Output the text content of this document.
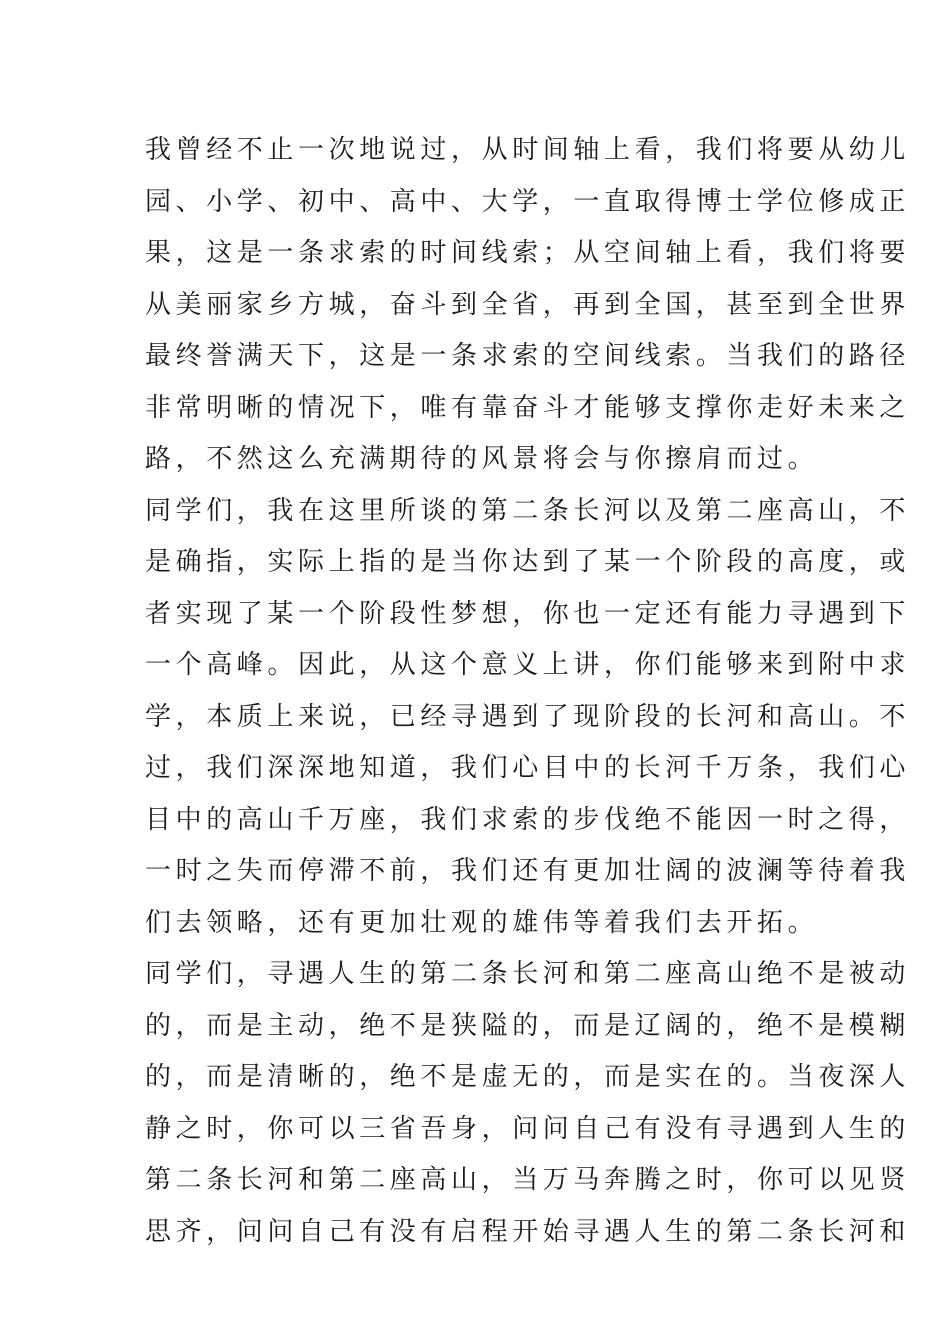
我曾经不止一次地说过，从时间轴上看，我们将要从幼儿
园、小学、初中、高中、大学，一直取得博士学位修成正
果，这是一条求索的时间线索；从空间轴上看，我们将要
从美丽家乡方城，奋斗到全省，再到全国，甚至到全世界
最终誉满天下，这是一条求索的空间线索。当我们的路径
非常明晰的情况下，唯有靠奋斗才能够支撑你走好未来之
路，不然这么充满期待的风景将会与你擦肩而过。
同学们，我在这里所谈的第二条长河以及第二座高山，不
是确指，实际上指的是当你达到了某一个阶段的高度，或
者实现了某一个阶段性梦想，你也一定还有能力寻遇到下
一个高峰。因此，从这个意义上讲，你们能够来到附中求
学，本质上来说，已经寻遇到了现阶段的长河和高山。不
过，我们深深地知道，我们心目中的长河千万条，我们心
目中的高山千万座，我们求索的步伐绝不能因一时之得，
一时之失而停滞不前，我们还有更加壮阔的波澜等待着我
们去领略，还有更加壮观的雄伟等着我们去开拓。
同学们，寻遇人生的第二条长河和第二座高山绝不是被动
的，而是主动，绝不是狭隘的，而是辽阔的，绝不是模糊
的，而是清晰的，绝不是虚无的，而是实在的。当夜深人
静之时，你可以三省吾身，问问自己有没有寻遇到人生的
第二条长河和第二座高山，当万马奔腾之时，你可以见贤
思齐，问问自己有没有启程开始寻遇人生的第二条长河和
